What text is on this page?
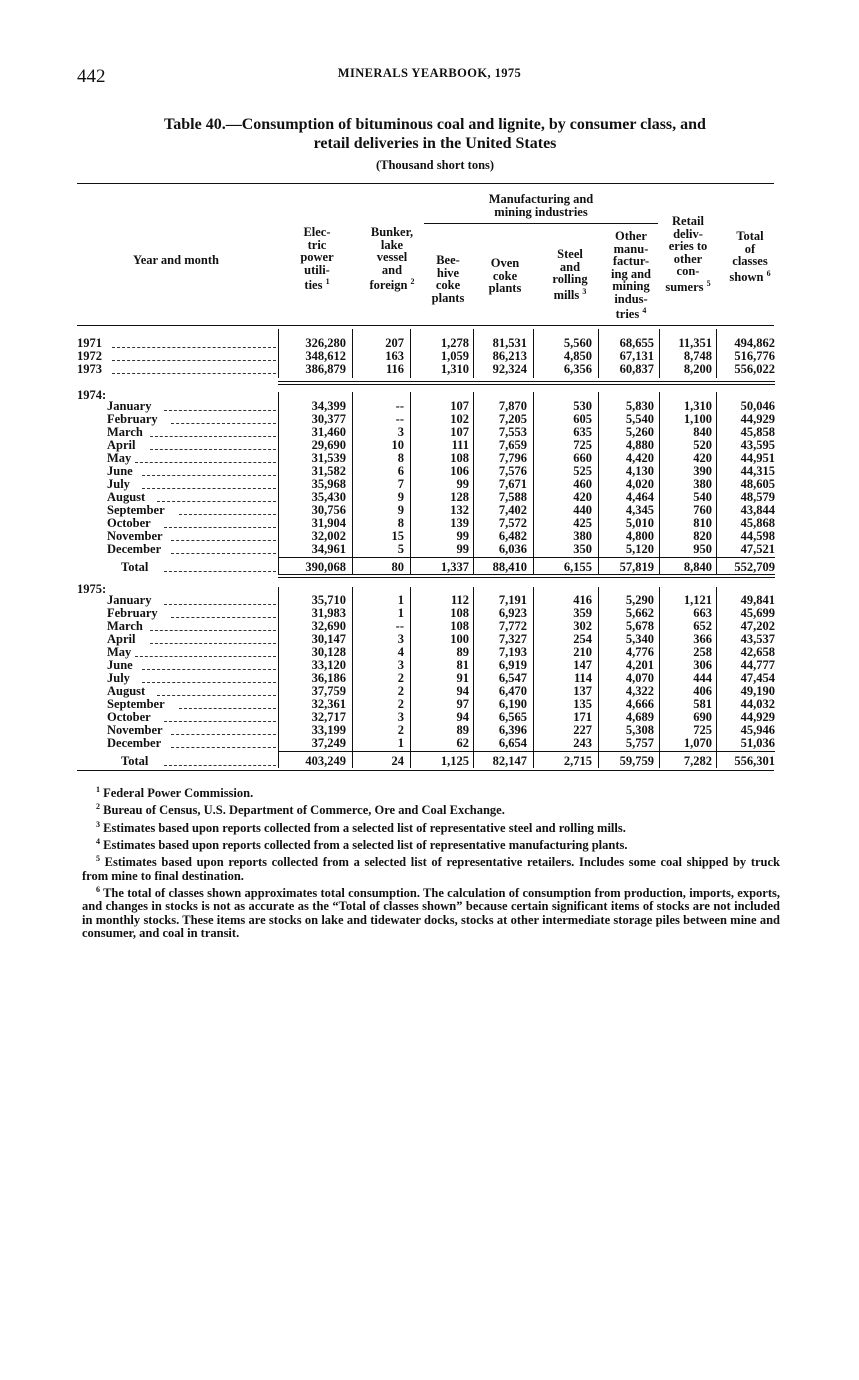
442	MINERALS YEARBOOK, 1975
Table 40.—Consumption of bituminous coal and lignite, by consumer class, and
retail deliveries in the United States
(Thousand short tons)
Manufacturing and
mining industries
Year and month
Elec-
tric
power
utili-
ties $^1$
Bunker,
lake
vessel
and
foreign $^2$
Bee-
hive
coke
plants
Oven
coke
plants
Steel
and
rolling
mills $^3$
Other
manu-
factur-
ing and
mining
indus-
tries $^4$
Retail
deliv-
eries to
other
con-
sumers $^5$
Total
of
classes
shown $^6$
1971	326,280	207	1,278	81,531	5,560	68,655	11,351	494,862
1972	348,612	163	1,059	86,213	4,850	67,131	8,748	516,776
1973	386,879	116	1,310	92,324	6,356	60,837	8,200	556,022
1974:
January	34,399	--	107	7,870	530	5,830	1,310	50,046
February	30,377	--	102	7,205	605	5,540	1,100	44,929
March	31,460	3	107	7,553	635	5,260	840	45,858
April	29,690	10	111	7,659	725	4,880	520	43,595
May	31,539	8	108	7,796	660	4,420	420	44,951
June	31,582	6	106	7,576	525	4,130	390	44,315
July	35,968	7	99	7,671	460	4,020	380	48,605
August	35,430	9	128	7,588	420	4,464	540	48,579
September	30,756	9	132	7,402	440	4,345	760	43,844
October	31,904	8	139	7,572	425	5,010	810	45,868
November	32,002	15	99	6,482	380	4,800	820	44,598
December	34,961	5	99	6,036	350	5,120	950	47,521
Total	390,068	80	1,337	88,410	6,155	57,819	8,840	552,709
1975:
January	35,710	1	112	7,191	416	5,290	1,121	49,841
February	31,983	1	108	6,923	359	5,662	663	45,699
March	32,690	--	108	7,772	302	5,678	652	47,202
April	30,147	3	100	7,327	254	5,340	366	43,537
May	30,128	4	89	7,193	210	4,776	258	42,658
June	33,120	3	81	6,919	147	4,201	306	44,777
July	36,186	2	91	6,547	114	4,070	444	47,454
August	37,759	2	94	6,470	137	4,322	406	49,190
September	32,361	2	97	6,190	135	4,666	581	44,032
October	32,717	3	94	6,565	171	4,689	690	44,929
November	33,199	2	89	6,396	227	5,308	725	45,946
December	37,249	1	62	6,654	243	5,757	1,070	51,036
Total	403,249	24	1,125	82,147	2,715	59,759	7,282	556,301

$^1$ Federal Power Commission.

$^2$ Bureau of Census, U.S. Department of Commerce, Ore and Coal Exchange.

$^3$ Estimates based upon reports collected from a selected list of representative steel and rolling mills.

$^4$ Estimates based upon reports collected from a selected list of representative manufacturing plants.

$^5$ Estimates based upon reports collected from a selected list of representative retailers. Includes some coal shipped by truck from mine to final destination.

$^6$ The total of classes shown approximates total consumption. The calculation of consumption from production, imports, exports, and changes in stocks is not as accurate as the “Total of classes shown” because certain significant items of stocks are not included in monthly stocks. These items are stocks on lake and tidewater docks, stocks at other intermediate storage piles between mine and consumer, and coal in transit.
